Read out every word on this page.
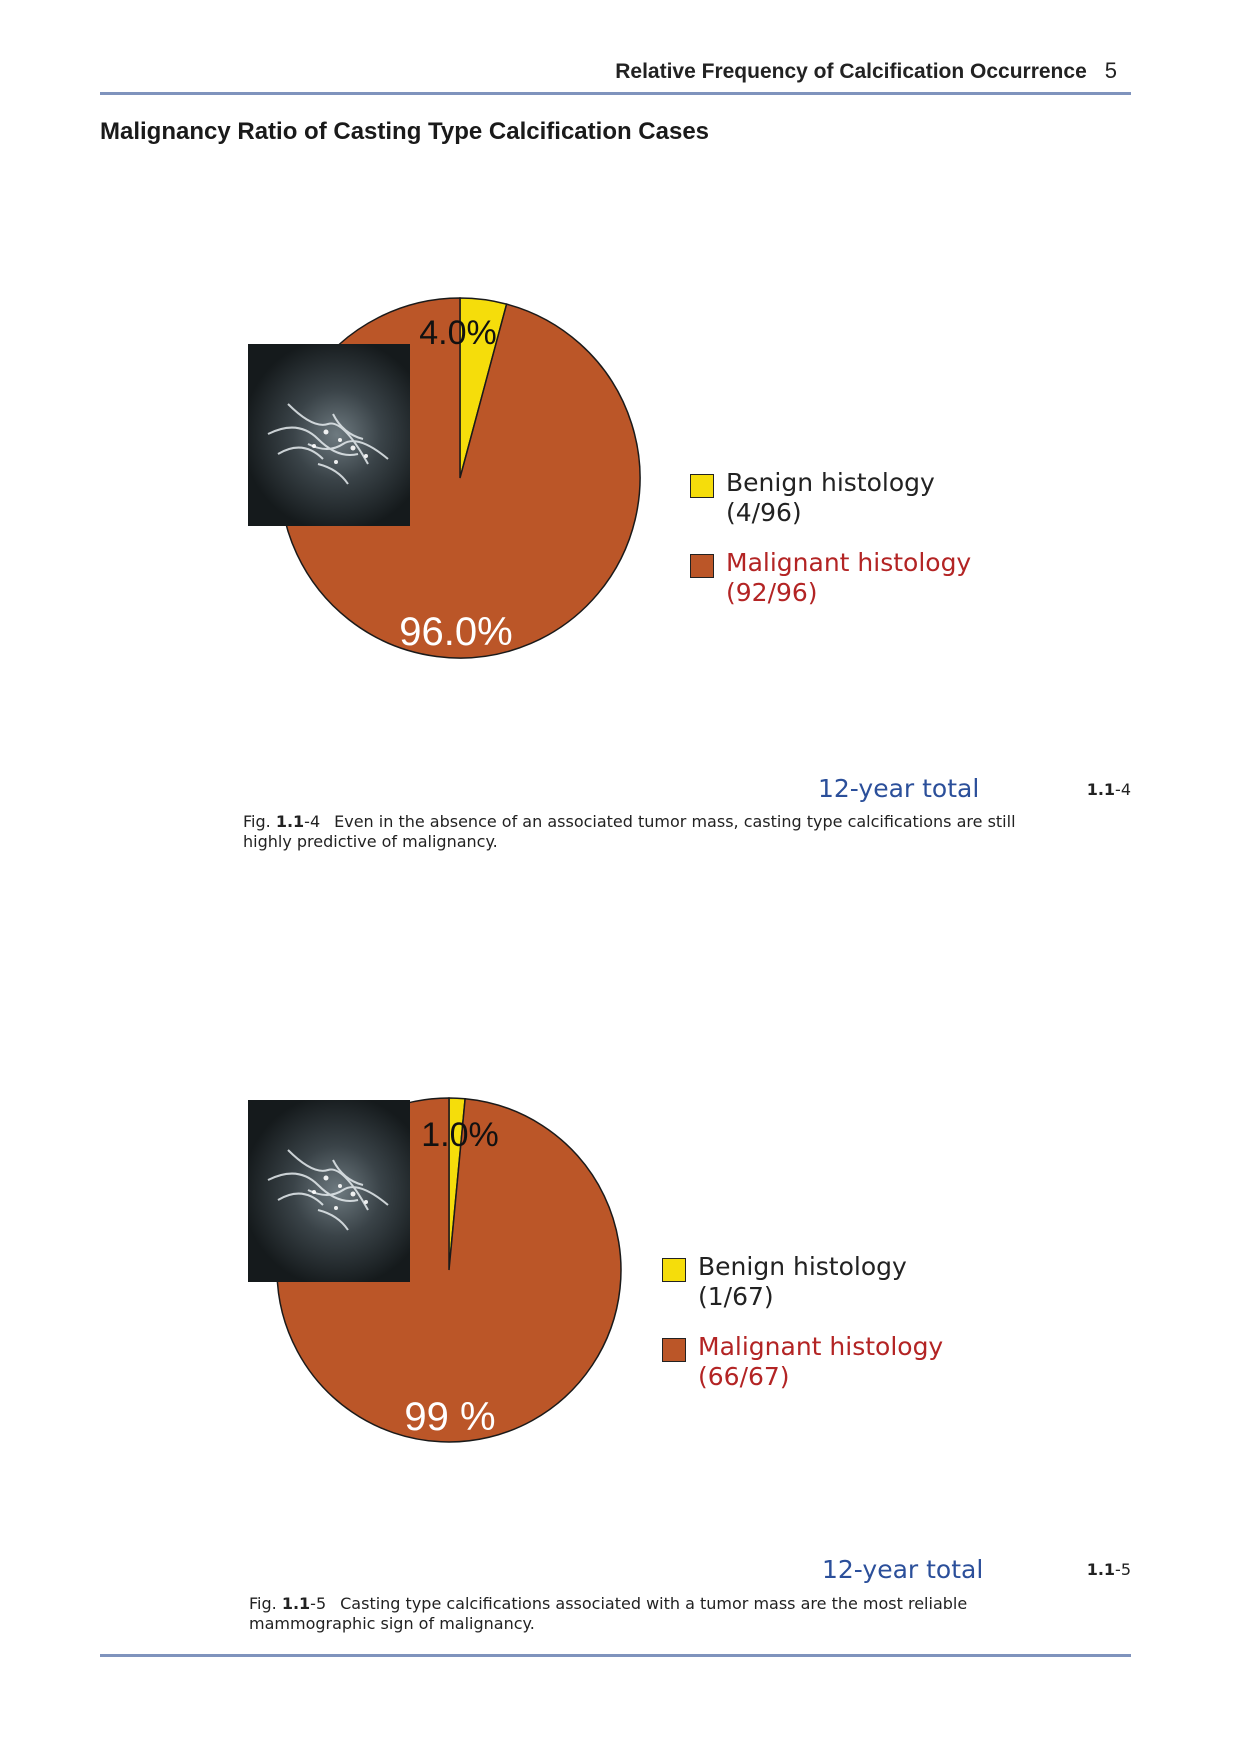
Relative Frequency of Calcification Occurrence 5
Malignancy Ratio of Casting Type Calcification Cases
4.0%
96.0%
Benign histology
(4/96)
Malignant histology
(92/96)
12-year total	1.1-4
Fig. 1.1-4 Even in the absence of an associated tumor mass, casting type calcifications are still highly predictive of malignancy.
1.0%
99 %
Benign histology
(1/67)
Malignant histology
(66/67)
12-year total	1.1-5
Fig. 1.1-5 Casting type calcifications associated with a tumor mass are the most reliable mammographic sign of malignancy.
